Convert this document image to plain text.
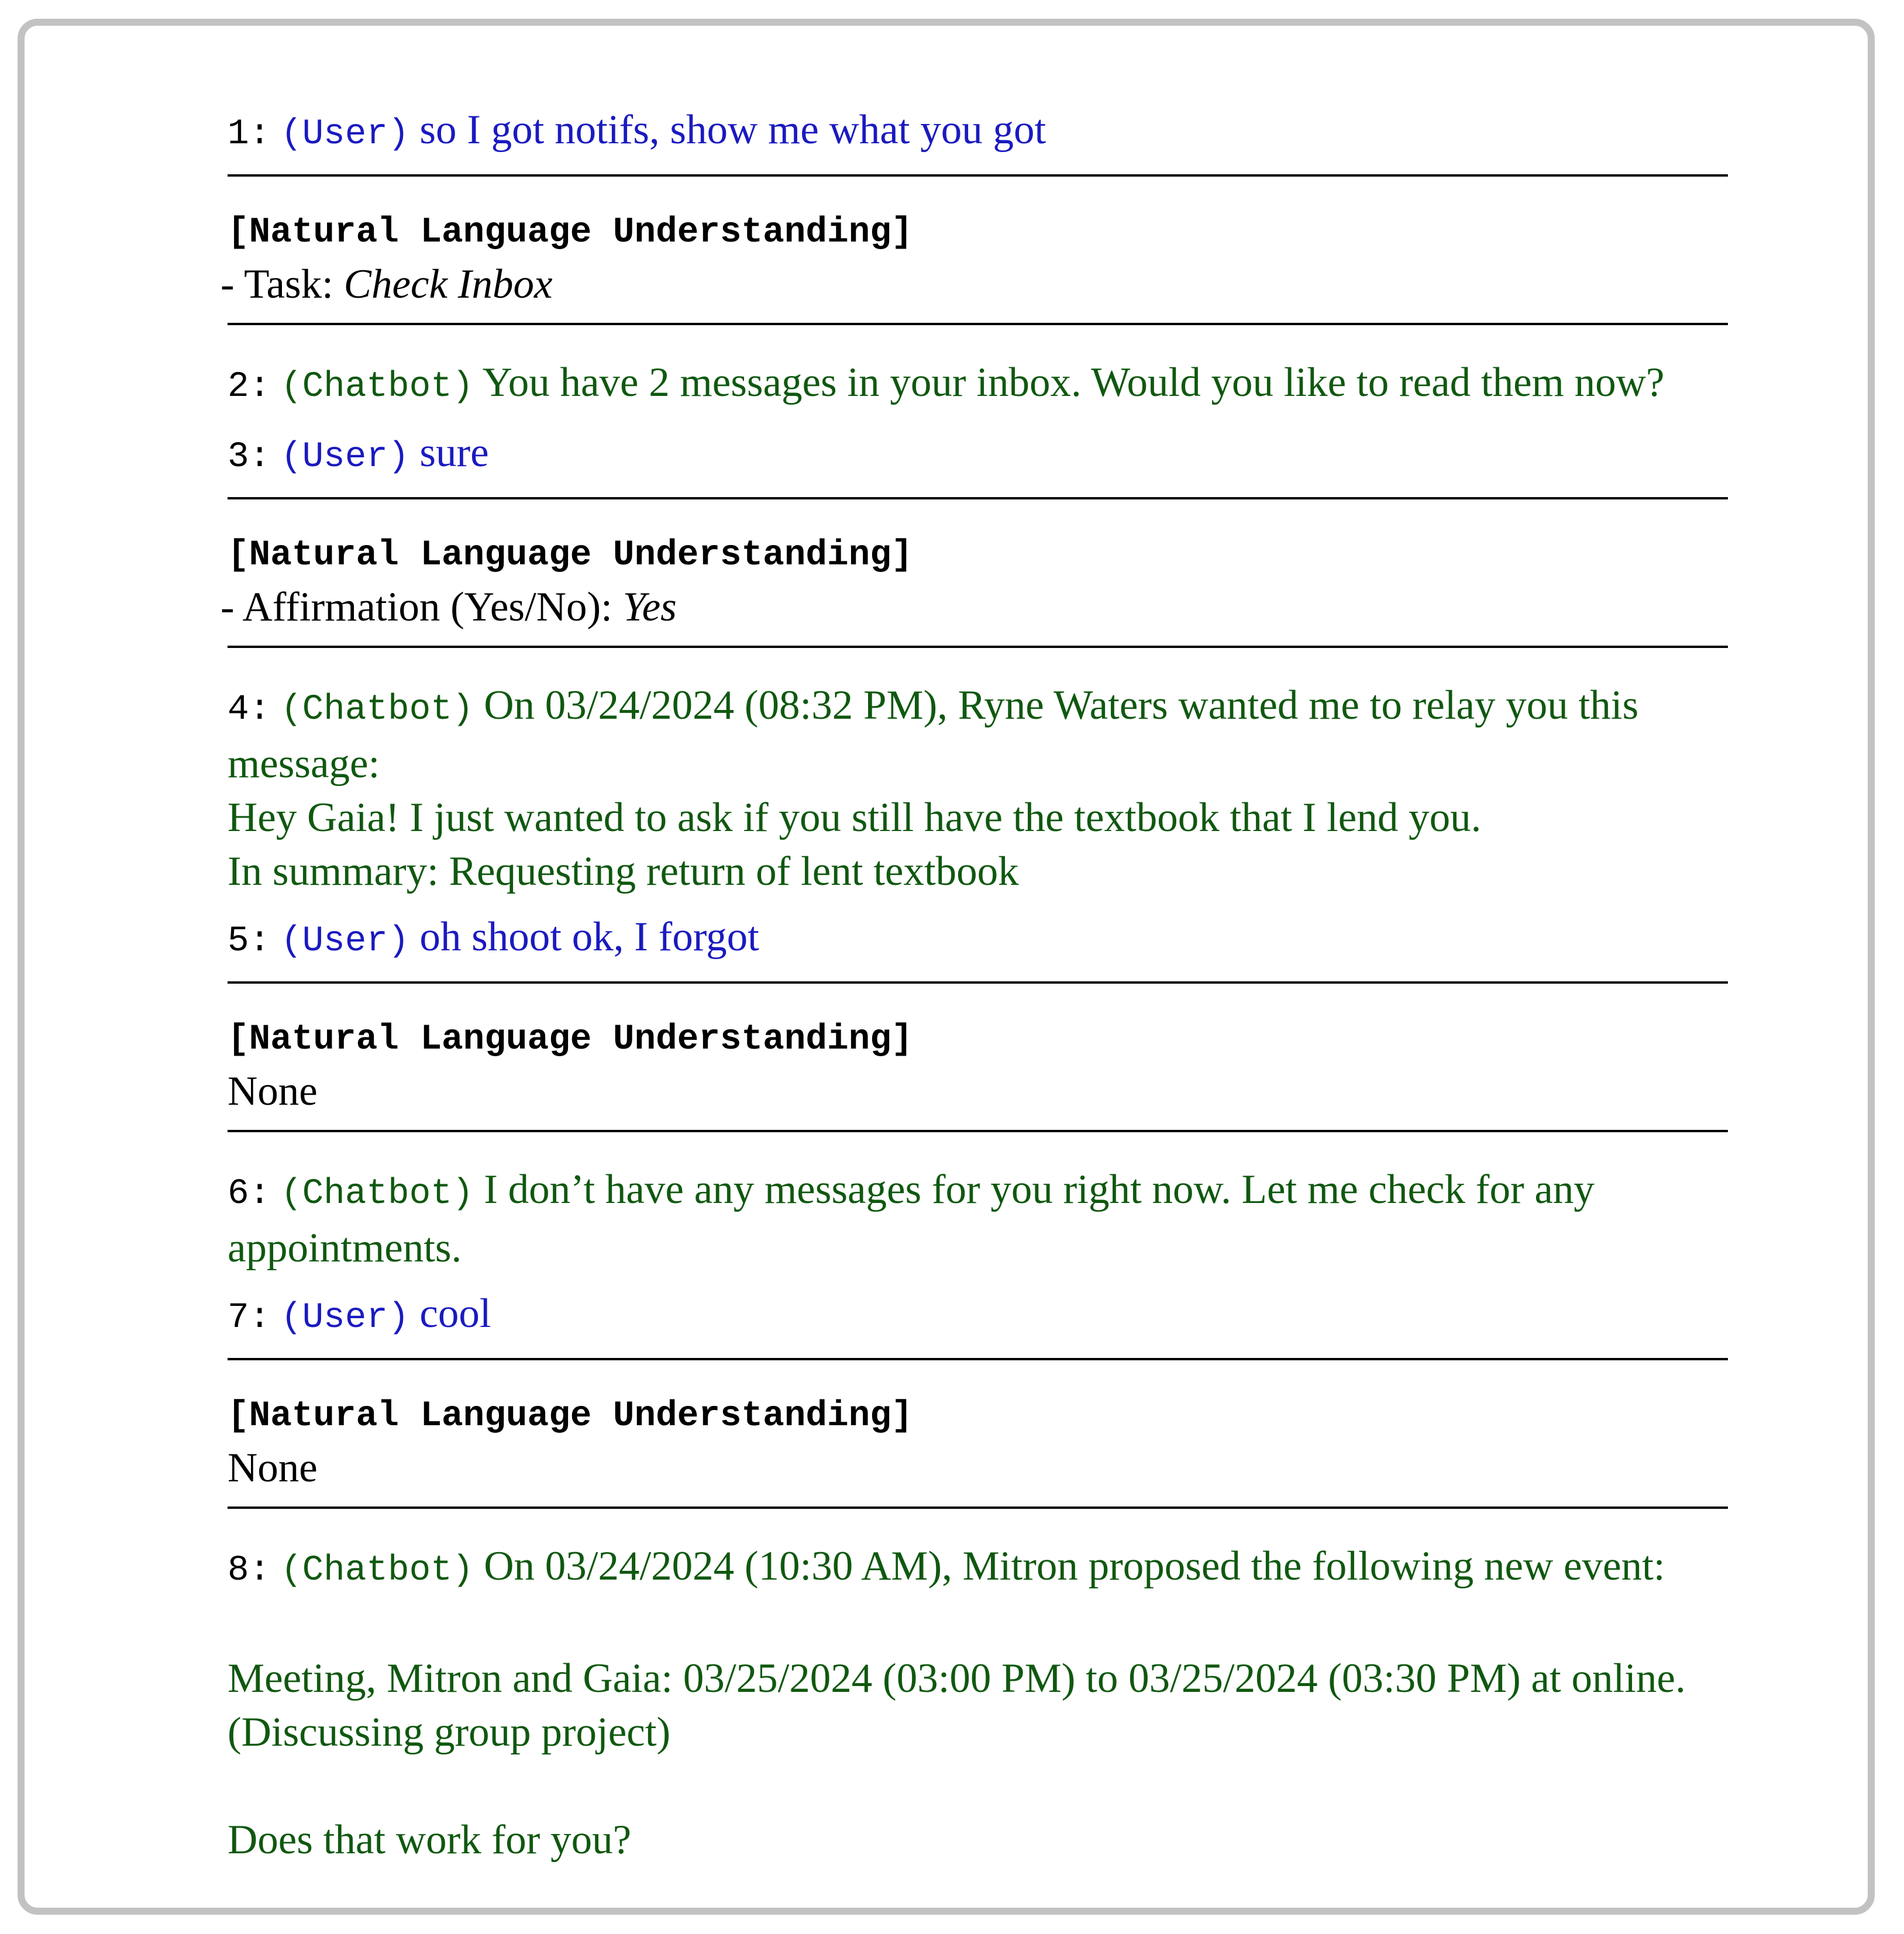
1: (User) so I got notifs, show me what you got
[Natural Language Understanding]
- Task: Check Inbox
2: (Chatbot) You have 2 messages in your inbox. Would you like to read them now?
3: (User) sure
[Natural Language Understanding]
- Affirmation (Yes/No): Yes
4: (Chatbot) On 03/24/2024 (08:32 PM), Ryne Waters wanted me to relay you this message:
Hey Gaia! I just wanted to ask if you still have the textbook that I lend you.
In summary: Requesting return of lent textbook
5: (User) oh shoot ok, I forgot
[Natural Language Understanding]
None
6: (Chatbot) I don’t have any messages for you right now. Let me check for any appointments.
7: (User) cool
[Natural Language Understanding]
None
8: (Chatbot) On 03/24/2024 (10:30 AM), Mitron proposed the following new event:
Meeting, Mitron and Gaia: 03/25/2024 (03:00 PM) to 03/25/2024 (03:30 PM) at online. (Discussing group project)
Does that work for you?
